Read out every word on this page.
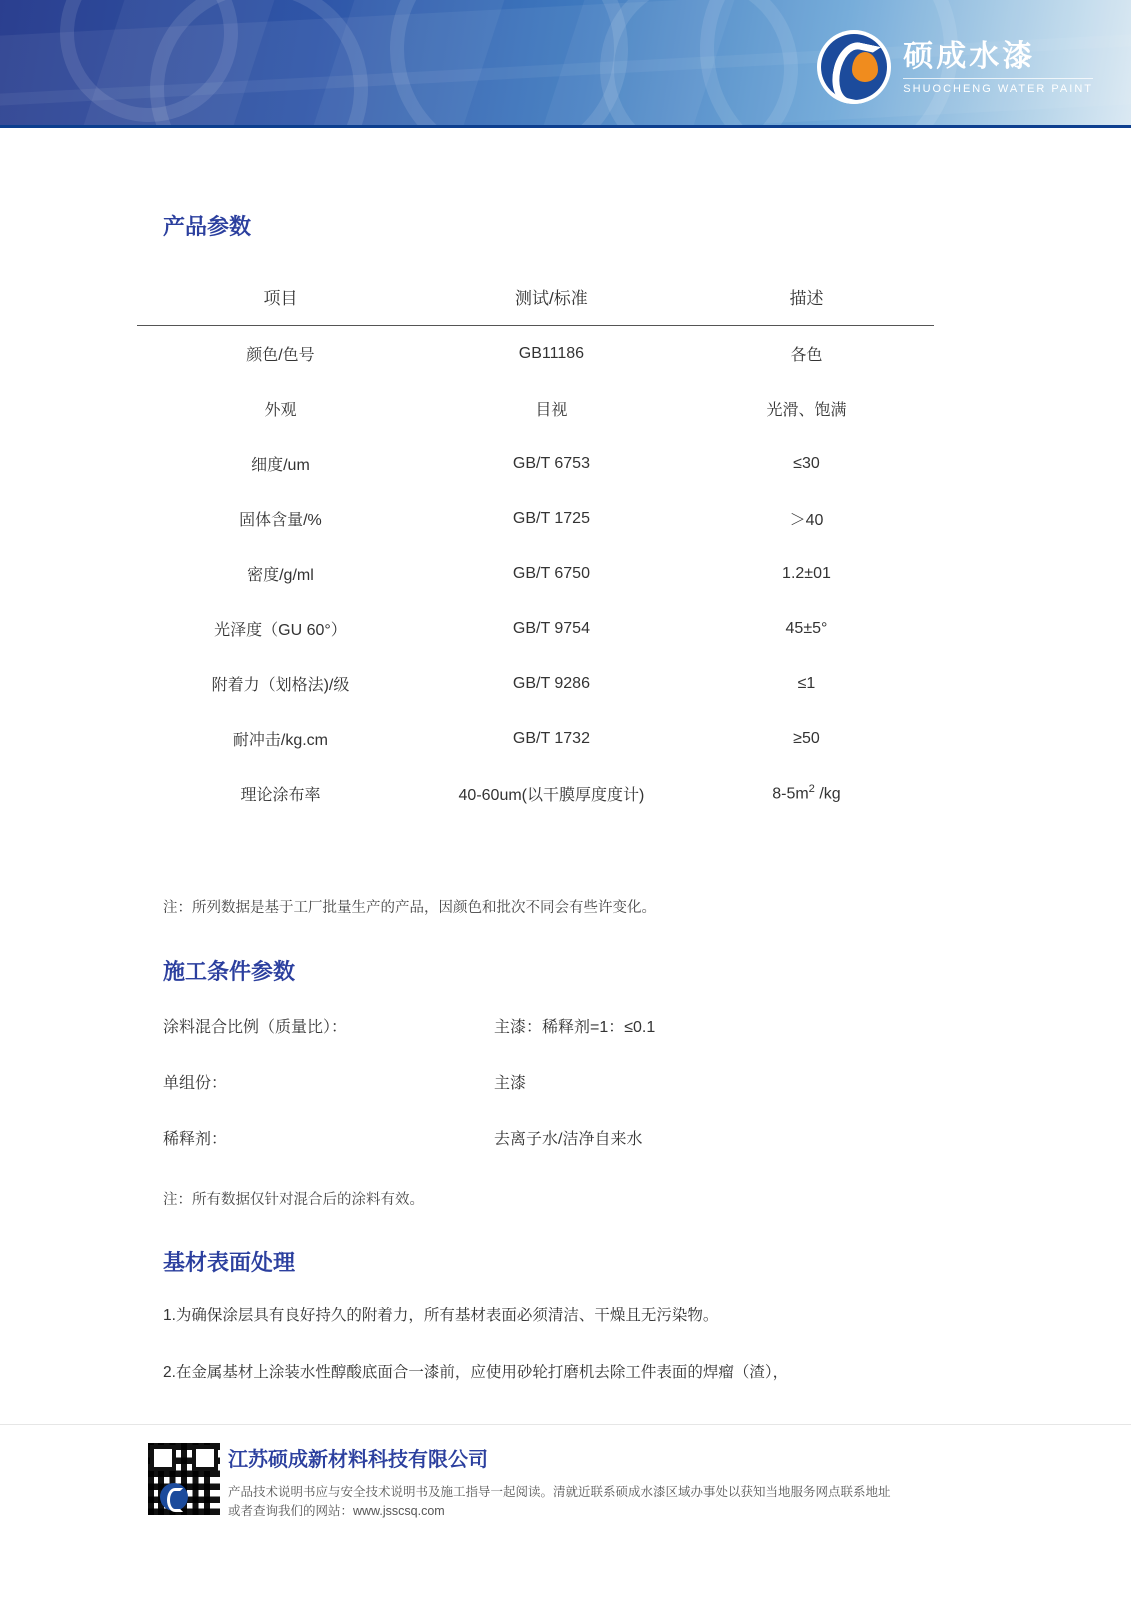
硕成水漆
SHUOCHENG WATER PAINT
产品参数
项目	测试/标准	描述
颜色/色号	GB11186	各色
外观	目视	光滑、饱满
细度/um	GB/T 6753	≤30
固体含量/%	GB/T 1725	＞40
密度/g/ml	GB/T 6750	1.2±01
光泽度（GU 60°）	GB/T 9754	45±5°
附着力（划格法)/级	GB/T 9286	≤1
耐冲击/kg.cm	GB/T 1732	≥50
理论涂布率	40-60um(以干膜厚度度计)	$8-5m^2$ /kg
注：所列数据是基于工厂批量生产的产品，因颜色和批次不同会有些许变化。
施工条件参数
涂料混合比例（质量比）：	主漆：稀释剂=1：≤0.1
单组份：	主漆
稀释剂：	去离子水/洁净自来水
注：所有数据仅针对混合后的涂料有效。
基材表面处理
1.为确保涂层具有良好持久的附着力，所有基材表面必须清洁、干燥且无污染物。
2.在金属基材上涂装水性醇酸底面合一漆前，应使用砂轮打磨机去除工件表面的焊瘤（渣），
江苏硕成新材料科技有限公司
产品技术说明书应与安全技术说明书及施工指导一起阅读。清就近联系硕成水漆区域办事处以获知当地服务网点联系地址
或者查询我们的网站：www.jsscsq.com
